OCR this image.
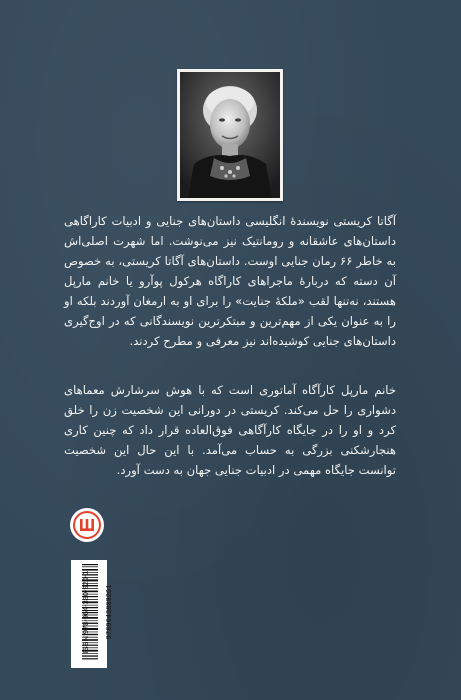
آگاتا کریستی نویسندهٔ انگلیسی داستان‌های جنایی و ادبیات کاراگاهی داستان‌های عاشقانه و رومانتیک نیز می‌نوشت. اما شهرت اصلی‌اش به خاطر ۶۶ رمان جنایی اوست. داستان‌های آگاتا کریستی، به خصوص آن دسته که دربارهٔ ماجراهای کاراگاه هرکول پوآرو یا خانم مارپل هستند، نه‌تنها لقب «ملکهٔ جنایت» را برای او به ارمغان آوردند بلکه او را به عنوان یکی از مهم‌ترین و مبتکرترین نویسندگانی که در اوج‌گیری داستان‌های جنایی کوشیده‌اند نیز معرفی و مطرح کردند.
خانم مارپل کارآگاه آماتوری است که با هوش سرشارش معماهای دشواری را حل می‌کند. کریستی در دورانی این شخصیت زن را خلق کرد و او را در جایگاه کارآگاهی فوق‌العاده قرار داد که چنین کاری هنجارشکنی بزرگی به حساب می‌آمد. با این حال این شخصیت توانست جایگاه مهمی در ادبیات جنایی جهان به دست آورد.
9789643809201
